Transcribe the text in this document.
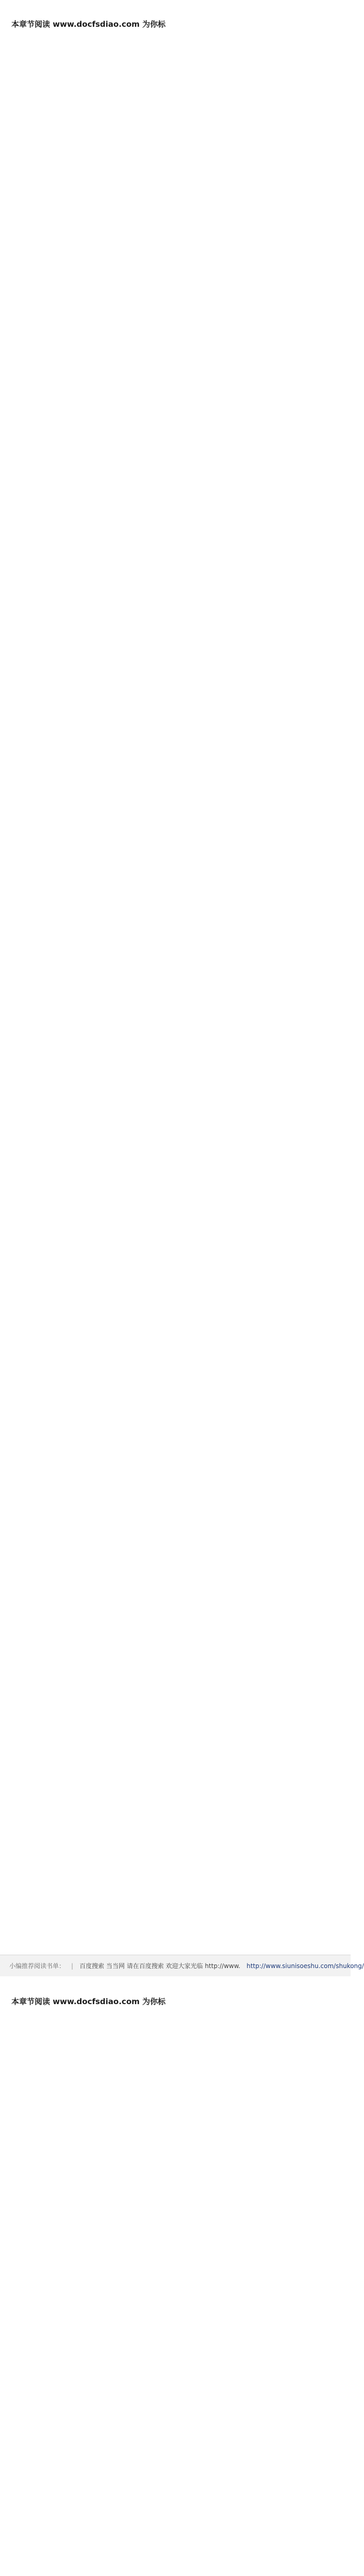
本章节阅读 www.docfsdiao.com 为你标

小编推荐阅读书单： | 百度搜索 当当网 请在百度搜索 欢迎大家光临 http://www. http://www.siunisoeshu.com/shukong/

本章节阅读 www.docfsdiao.com 为你标
